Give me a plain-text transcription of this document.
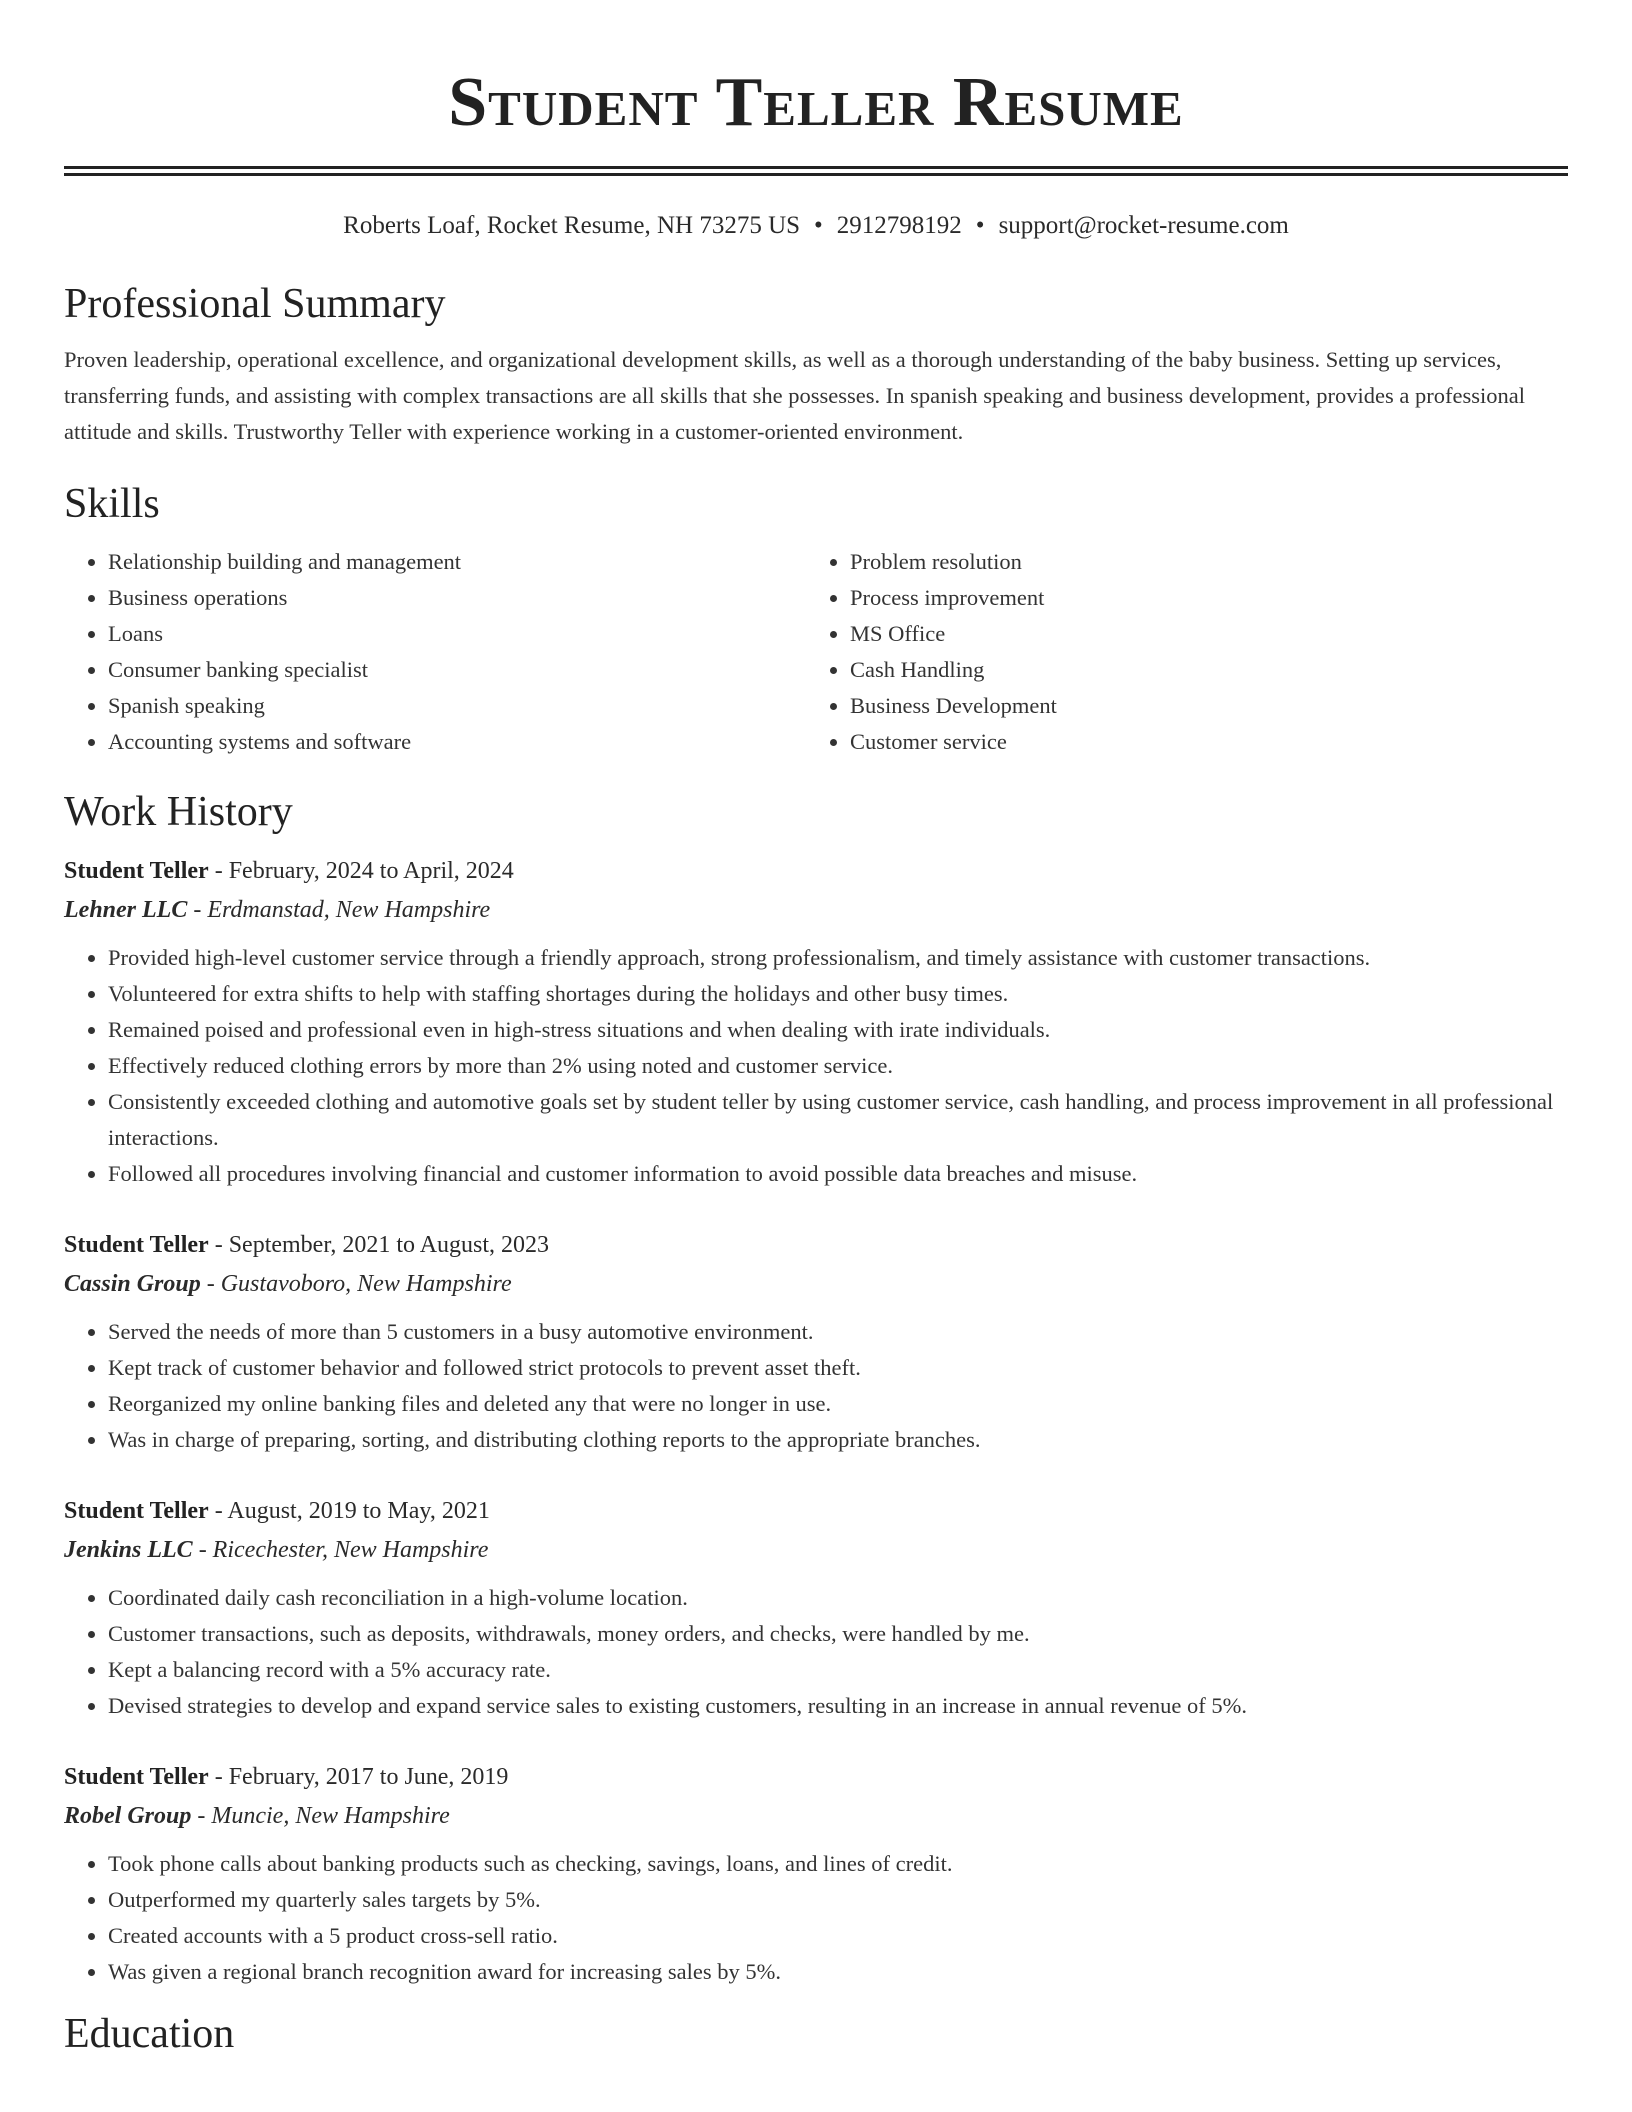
Student Teller Resume
Roberts Loaf, Rocket Resume, NH 73275 US • 2912798192 • support@rocket-resume.com
Professional Summary
Proven leadership, operational excellence, and organizational development skills, as well as a thorough understanding of the baby business. Setting up services, transferring funds, and assisting with complex transactions are all skills that she possesses. In spanish speaking and business development, provides a professional attitude and skills. Trustworthy Teller with experience working in a customer-oriented environment.
Skills
• Relationship building and management
• Business operations
• Loans
• Consumer banking specialist
• Spanish speaking
• Accounting systems and software
• Problem resolution
• Process improvement
• MS Office
• Cash Handling
• Business Development
• Customer service
Work History
Student Teller - February, 2024 to April, 2024
Lehner LLC - Erdmanstad, New Hampshire
• Provided high-level customer service through a friendly approach, strong professionalism, and timely assistance with customer transactions.
• Volunteered for extra shifts to help with staffing shortages during the holidays and other busy times.
• Remained poised and professional even in high-stress situations and when dealing with irate individuals.
• Effectively reduced clothing errors by more than 2% using noted and customer service.
• Consistently exceeded clothing and automotive goals set by student teller by using customer service, cash handling, and process improvement in all professional interactions.
• Followed all procedures involving financial and customer information to avoid possible data breaches and misuse.
Student Teller - September, 2021 to August, 2023
Cassin Group - Gustavoboro, New Hampshire
• Served the needs of more than 5 customers in a busy automotive environment.
• Kept track of customer behavior and followed strict protocols to prevent asset theft.
• Reorganized my online banking files and deleted any that were no longer in use.
• Was in charge of preparing, sorting, and distributing clothing reports to the appropriate branches.
Student Teller - August, 2019 to May, 2021
Jenkins LLC - Ricechester, New Hampshire
• Coordinated daily cash reconciliation in a high-volume location.
• Customer transactions, such as deposits, withdrawals, money orders, and checks, were handled by me.
• Kept a balancing record with a 5% accuracy rate.
• Devised strategies to develop and expand service sales to existing customers, resulting in an increase in annual revenue of 5%.
Student Teller - February, 2017 to June, 2019
Robel Group - Muncie, New Hampshire
• Took phone calls about banking products such as checking, savings, loans, and lines of credit.
• Outperformed my quarterly sales targets by 5%.
• Created accounts with a 5 product cross-sell ratio.
• Was given a regional branch recognition award for increasing sales by 5%.
Education
